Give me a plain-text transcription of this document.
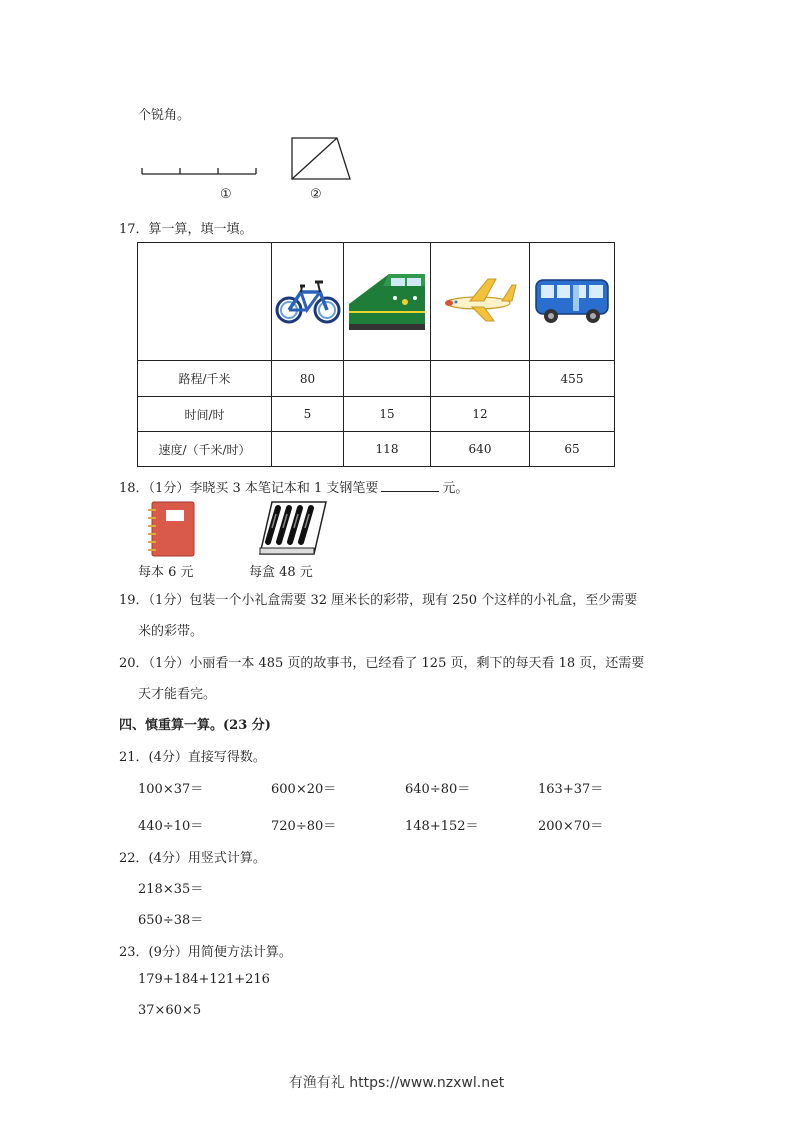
个锐角。
①	②
17．算一算，填一填。

路程/千米	80			455
时间/时	5	15	12	
速度/（千米/时）		118	640	65
18．（1分）李晓买 3 本笔记本和 1 支钢笔要	元。
每本 6 元	每盒 48 元
19．（1分）包装一个小礼盒需要 32 厘米长的彩带，现有 250 个这样的小礼盒，至少需要
米的彩带。
20．（1分）小丽看一本 485 页的故事书，已经看了 125 页，剩下的每天看 18 页，还需要
天才能看完。
四、慎重算一算。(23 分)
21．(4分）直接写得数。
100×37＝	600×20＝	640÷80＝	163+37＝
440÷10＝	720÷80＝	148+152＝	200×70＝
22．(4分）用竖式计算。
218×35＝
650÷38＝
23．(9分）用简便方法计算。
179+184+121+216
37×60×5
有渔有礼 https://www.nzxwl.net
